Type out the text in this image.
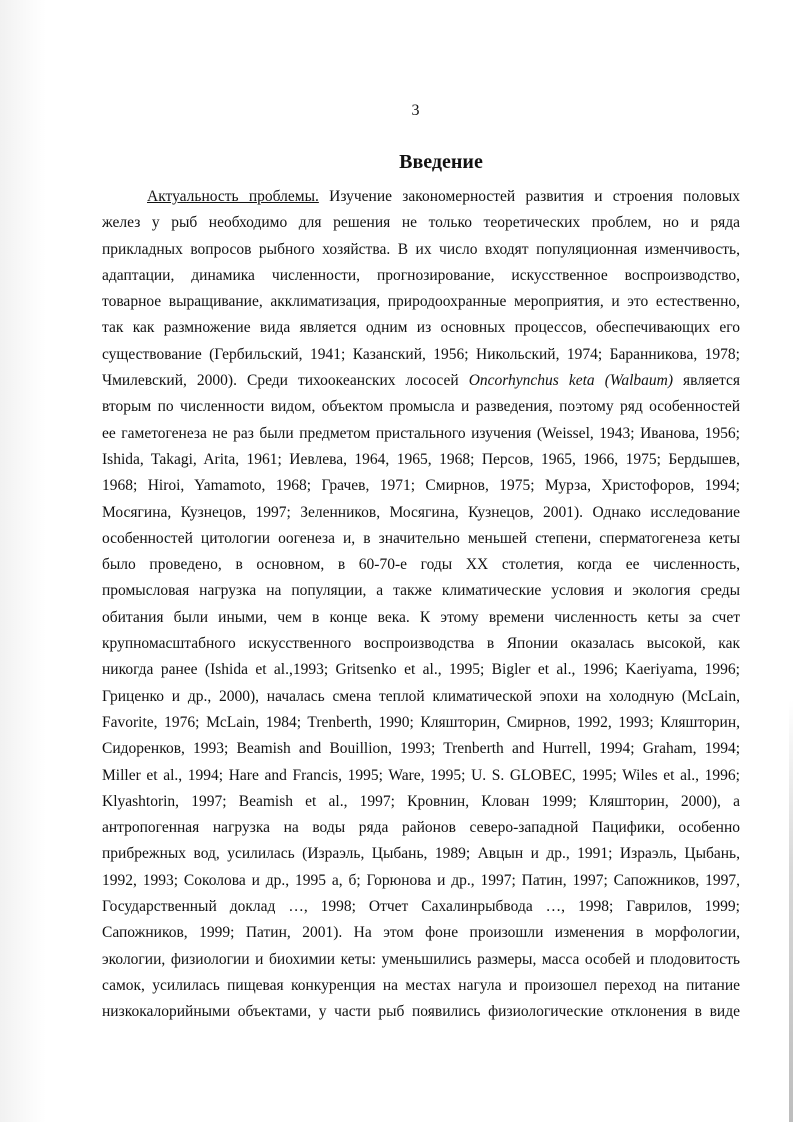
3
Введение
Актуальность проблемы. Изучение закономерностей развития и строения половых
желез у рыб необходимо для решения не только теоретических проблем, но и ряда
прикладных вопросов рыбного хозяйства. В их число входят популяционная изменчивость,
адаптации, динамика численности, прогнозирование, искусственное воспроизводство,
товарное выращивание, акклиматизация, природоохранные мероприятия, и это естественно,
так как размножение вида является одним из основных процессов, обеспечивающих его
существование (Гербильский, 1941; Казанский, 1956; Никольский, 1974; Баранникова, 1978;
Чмилевский, 2000). Среди тихоокеанских лососей Oncorhynchus keta (Walbaum) является
вторым по численности видом, объектом промысла и разведения, поэтому ряд особенностей
ее гаметогенеза не раз были предметом пристального изучения (Weissel, 1943; Иванова, 1956;
Ishida, Takagi, Arita, 1961; Иевлева, 1964, 1965, 1968; Персов, 1965, 1966, 1975; Бердышев,
1968; Hiroi, Yamamoto, 1968; Грачев, 1971; Смирнов, 1975; Мурза, Христофоров, 1994;
Мосягина, Кузнецов, 1997; Зеленников, Мосягина, Кузнецов, 2001). Однако исследование
особенностей цитологии оогенеза и, в значительно меньшей степени, сперматогенеза кеты
было проведено, в основном, в 60-70-е годы XX столетия, когда ее численность,
промысловая нагрузка на популяции, а также климатические условия и экология среды
обитания были иными, чем в конце века. К этому времени численность кеты за счет
крупномасштабного искусственного воспроизводства в Японии оказалась высокой, как
никогда ранее (Ishida et al.,1993; Gritsenko et al., 1995; Bigler et al., 1996; Kaeriyama, 1996;
Гриценко и др., 2000), началась смена теплой климатической эпохи на холодную (McLain,
Favorite, 1976; McLain, 1984; Trenberth, 1990; Кляшторин, Смирнов, 1992, 1993; Кляшторин,
Сидоренков, 1993; Beamish and Bouillion, 1993; Trenberth and Hurrell, 1994; Graham, 1994;
Miller et al., 1994; Hare and Francis, 1995; Ware, 1995; U. S. GLOBEC, 1995; Wiles et al., 1996;
Klyashtorin, 1997; Beamish et al., 1997; Кровнин, Клован 1999; Кляшторин, 2000), а
антропогенная нагрузка на воды ряда районов северо-западной Пацифики, особенно
прибрежных вод, усилилась (Израэль, Цыбань, 1989; Авцын и др., 1991; Израэль, Цыбань,
1992, 1993; Соколова и др., 1995 а, б; Горюнова и др., 1997; Патин, 1997; Сапожников, 1997,
Государственный доклад …, 1998; Отчет Сахалинрыбвода …, 1998; Гаврилов, 1999;
Сапожников, 1999; Патин, 2001). На этом фоне произошли изменения в морфологии,
экологии, физиологии и биохимии кеты: уменьшились размеры, масса особей и плодовитость
самок, усилилась пищевая конкуренция на местах нагула и произошел переход на питание
низкокалорийными объектами, у части рыб появились физиологические отклонения в виде
